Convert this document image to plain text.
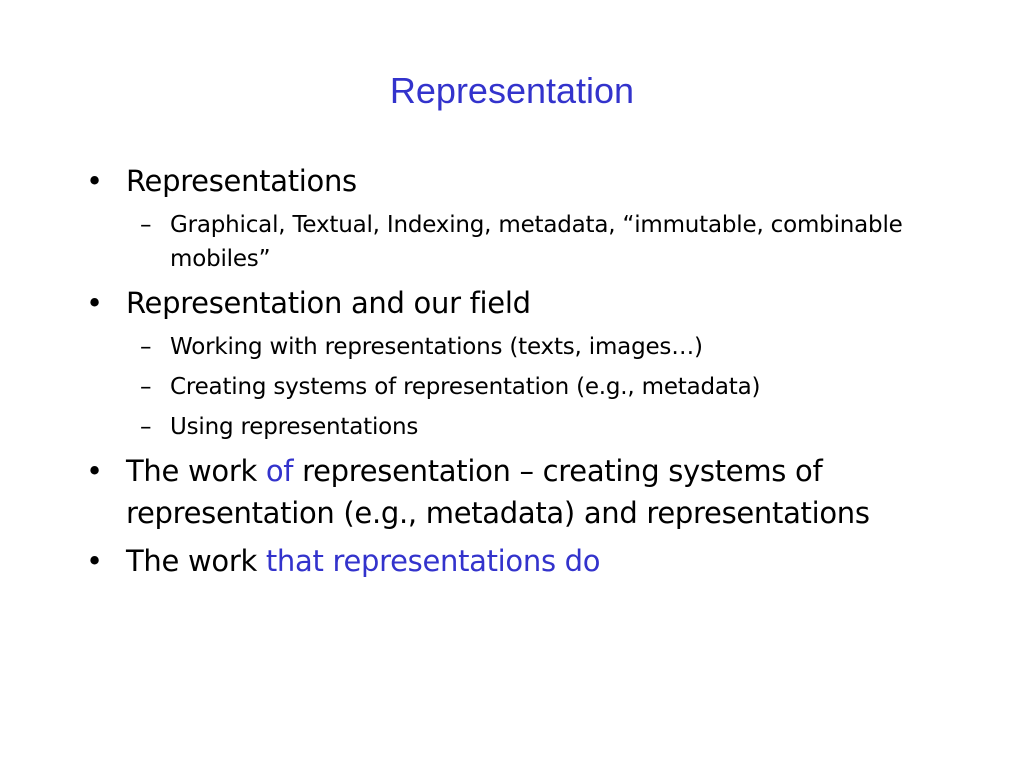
Representation
• Representations
– Graphical, Textual, Indexing, metadata, “immutable, combinable mobiles”
• Representation and our field
– Working with representations (texts, images…)
– Creating systems of representation (e.g., metadata)
– Using representations
• The work of representation – creating systems of representation (e.g., metadata) and representations
• The work that representations do
